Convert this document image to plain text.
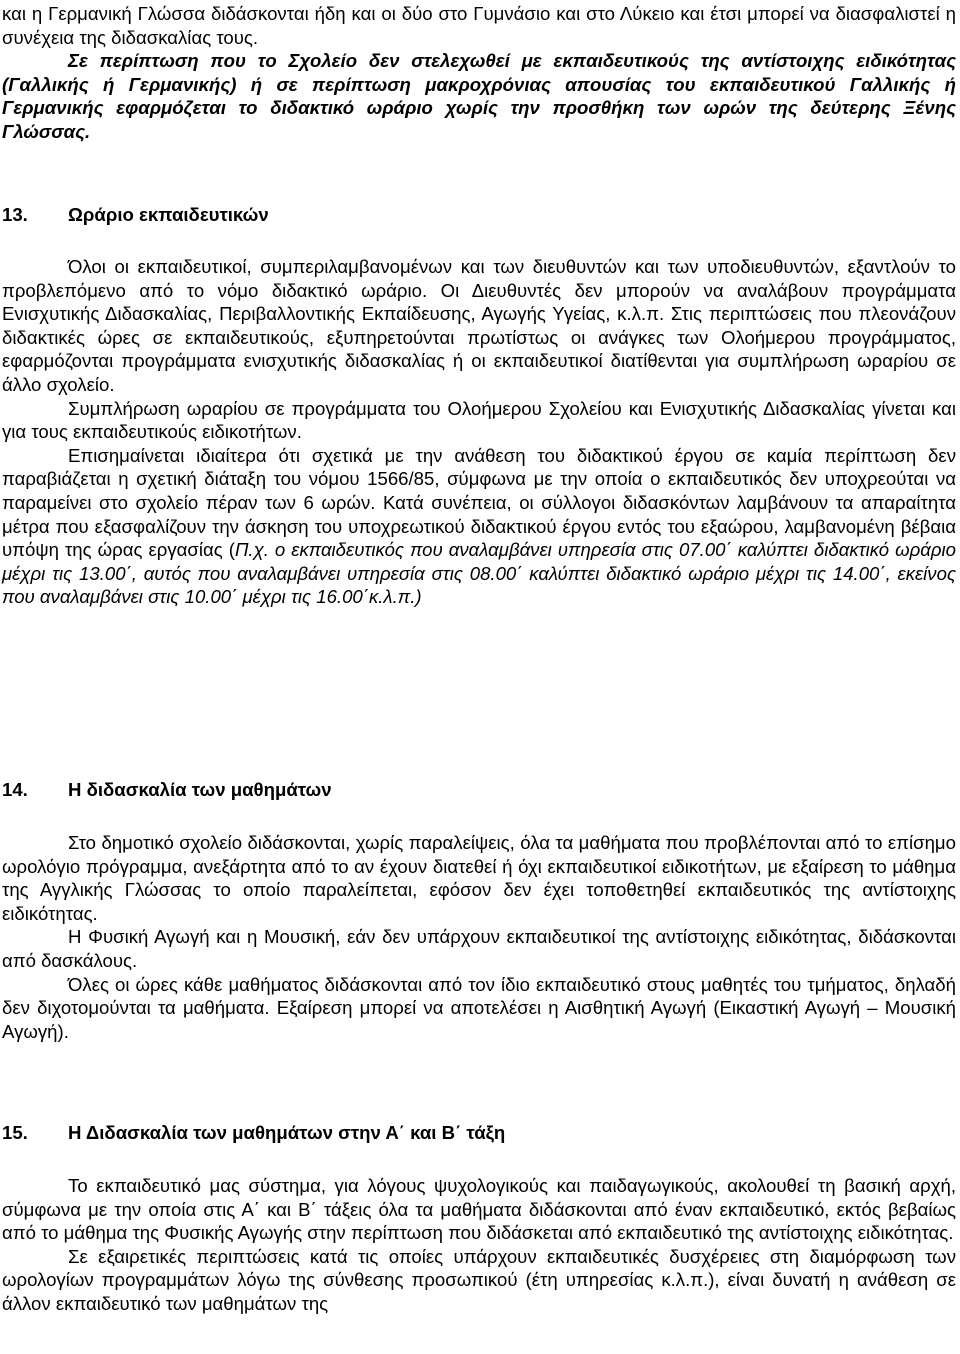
και η Γερμανική Γλώσσα διδάσκονται ήδη και οι δύο στο Γυμνάσιο και στο Λύκειο και έτσι μπορεί να διασφαλιστεί η συνέχεια της διδασκαλίας τους.

Σε περίπτωση που το Σχολείο δεν στελεχωθεί με εκπαιδευτικούς της αντίστοιχης ειδικότητας (Γαλλικής ή Γερμανικής) ή σε περίπτωση μακροχρόνιας απουσίας του εκπαιδευτικού Γαλλικής ή Γερμανικής εφαρμόζεται το διδακτικό ωράριο χωρίς την προσθήκη των ωρών της δεύτερης Ξένης Γλώσσας.

13.	Ωράριο εκπαιδευτικών

Όλοι οι εκπαιδευτικοί, συμπεριλαμβανομένων και των διευθυντών και των υποδιευθυντών, εξαντλούν το προβλεπόμενο από το νόμο διδακτικό ωράριο. Οι Διευθυντές δεν μπορούν να αναλάβουν προγράμματα Ενισχυτικής Διδασκαλίας, Περιβαλλοντικής Εκπαίδευσης, Αγωγής Υγείας, κ.λ.π. Στις περιπτώσεις που πλεονάζουν διδακτικές ώρες σε εκπαιδευτικούς, εξυπηρετούνται πρωτίστως οι ανάγκες των Ολοήμερου προγράμματος, εφαρμόζονται προγράμματα ενισχυτικής διδασκαλίας ή οι εκπαιδευτικοί διατίθενται για συμπλήρωση ωραρίου σε άλλο σχολείο.

Συμπλήρωση ωραρίου σε προγράμματα του Ολοήμερου Σχολείου και Ενισχυτικής Διδασκαλίας γίνεται και για τους εκπαιδευτικούς ειδικοτήτων.

Επισημαίνεται ιδιαίτερα ότι σχετικά με την ανάθεση του διδακτικού έργου σε καμία περίπτωση δεν παραβιάζεται η σχετική διάταξη του νόμου 1566/85, σύμφωνα με την οποία ο εκπαιδευτικός δεν υποχρεούται να παραμείνει στο σχολείο πέραν των 6 ωρών. Κατά συνέπεια, οι σύλλογοι διδασκόντων λαμβάνουν τα απαραίτητα μέτρα που εξασφαλίζουν την άσκηση του υποχρεωτικού διδακτικού έργου εντός του εξαώρου, λαμβανομένη βέβαια υπόψη της ώρας εργασίας (Π.χ. ο εκπαιδευτικός που αναλαμβάνει υπηρεσία στις 07.00΄ καλύπτει διδακτικό ωράριο μέχρι τις 13.00΄, αυτός που αναλαμβάνει υπηρεσία στις 08.00΄ καλύπτει διδακτικό ωράριο μέχρι τις 14.00΄, εκείνος που αναλαμβάνει στις 10.00΄ μέχρι τις 16.00΄κ.λ.π.)

14.	Η διδασκαλία των μαθημάτων

Στο δημοτικό σχολείο διδάσκονται, χωρίς παραλείψεις, όλα τα μαθήματα που προβλέπονται από το επίσημο ωρολόγιο πρόγραμμα, ανεξάρτητα από το αν έχουν διατεθεί ή όχι εκπαιδευτικοί ειδικοτήτων, με εξαίρεση το μάθημα της Αγγλικής Γλώσσας το οποίο παραλείπεται, εφόσον δεν έχει τοποθετηθεί εκπαιδευτικός της αντίστοιχης ειδικότητας.

Η Φυσική Αγωγή και η Μουσική, εάν δεν υπάρχουν εκπαιδευτικοί της αντίστοιχης ειδικότητας, διδάσκονται από δασκάλους.

Όλες οι ώρες κάθε μαθήματος διδάσκονται από τον ίδιο εκπαιδευτικό στους μαθητές του τμήματος, δηλαδή δεν διχοτομούνται τα μαθήματα. Εξαίρεση μπορεί να αποτελέσει η Αισθητική Αγωγή (Εικαστική Αγωγή – Μουσική Αγωγή).

15.	Η Διδασκαλία των μαθημάτων στην Α΄ και Β΄ τάξη

Το εκπαιδευτικό μας σύστημα, για λόγους ψυχολογικούς και παιδαγωγικούς, ακολουθεί τη βασική αρχή, σύμφωνα με την οποία στις Α΄ και Β΄ τάξεις όλα τα μαθήματα διδάσκονται από έναν εκπαιδευτικό, εκτός βεβαίως από το μάθημα της Φυσικής Αγωγής στην περίπτωση που διδάσκεται από εκπαιδευτικό της αντίστοιχης ειδικότητας.

Σε εξαιρετικές περιπτώσεις κατά τις οποίες υπάρχουν εκπαιδευτικές δυσχέρειες στη διαμόρφωση των ωρολογίων προγραμμάτων λόγω της σύνθεσης προσωπικού (έτη υπηρεσίας κ.λ.π.), είναι δυνατή η ανάθεση σε άλλον εκπαιδευτικό των μαθημάτων της
